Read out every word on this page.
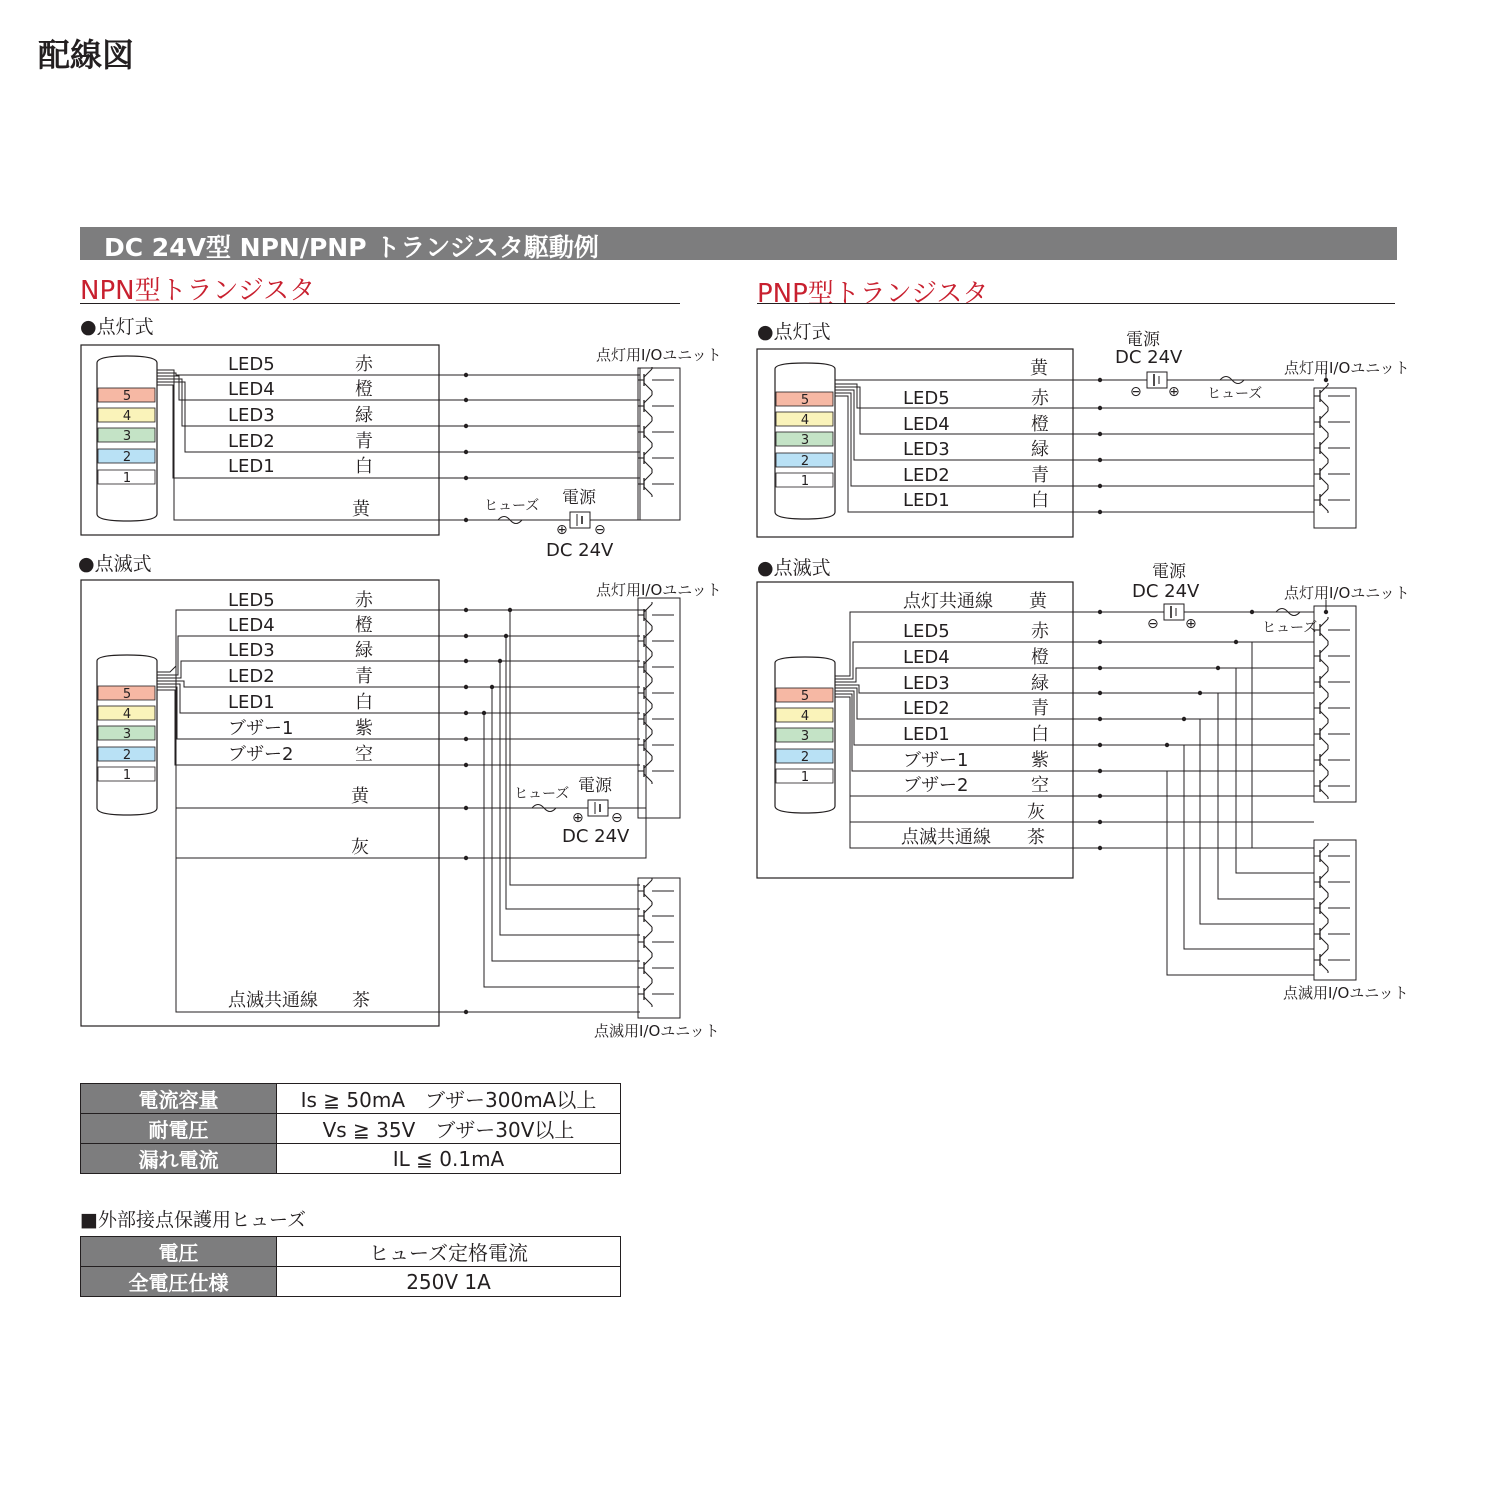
配線図
DC 24V型 NPN/PNP トランジスタ駆動例
NPN型トランジスタ	PNP型トランジスタ
●点灯式
●点滅式
●点灯式
●点滅式
5
4
3
2
1
LED5	赤
LED4	橙
LED3	緑
LED2	青
LED1	白
黄
点灯用I/Oユニット
ヒューズ
⊕ ⊖
電源
DC 24V
5
4
3
2
1
LED5	赤
LED4	橙
LED3	緑
LED2	青
LED1	白
ブザー1	紫
ブザー2	空
黄
灰
点滅共通線 茶
点灯用I/Oユニット
点滅用I/Oユニット
ヒューズ
⊕ ⊖
電源
DC 24V
5
4
3
2
1
黄
LED5	赤
LED4	橙
LED3	緑
LED2	青
LED1	白
点灯用I/Oユニット
⊖ ⊕
電源
DC 24V
ヒューズ
5
4
3
2
1
点灯共通線 黄
LED5	赤
LED4	橙
LED3	緑
LED2	青
LED1	白
ブザー1	紫
ブザー2	空
灰
点滅共通線 茶
点灯用I/Oユニット
点滅用I/Oユニット
⊖ ⊕
電源
DC 24V
ヒューズ
電流容量	Is ≧ 50mA　ブザー300mA以上
耐電圧	Vs ≧ 35V　ブザー30V以上
漏れ電流	IL ≦ 0.1mA
■外部接点保護用ヒューズ
電圧	ヒューズ定格電流
全電圧仕様	250V 1A
